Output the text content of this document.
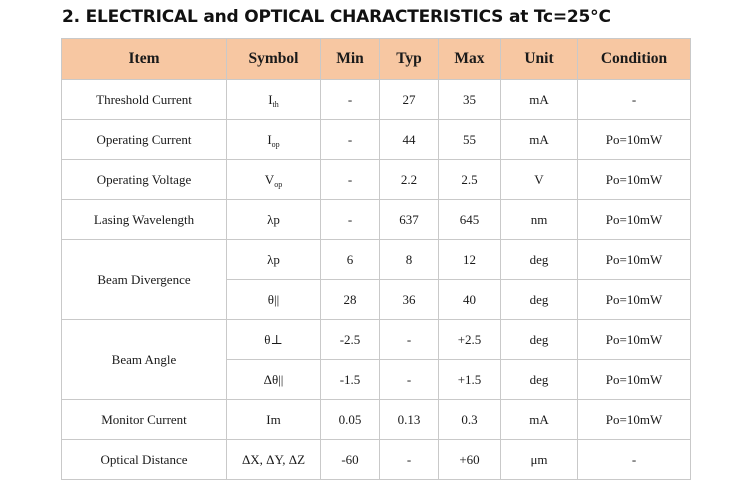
2. ELECTRICAL and OPTICAL CHARACTERISTICS at Tc=25°C
Item	Symbol	Min	Typ	Max	Unit	Condition
Threshold Current	$I_{th}$	-	27	35	mA	-
Operating Current	$I_{op}$	-	44	55	mA	Po=10mW
Operating Voltage	$V_{op}$	-	2.2	2.5	V	Po=10mW
Lasing Wavelength	λp	-	637	645	nm	Po=10mW
Beam Divergence	λp	6	8	12	deg	Po=10mW
	θ||	28	36	40	deg	Po=10mW
Beam Angle	θ⊥	-2.5	-	+2.5	deg	Po=10mW
	Δθ||	-1.5	-	+1.5	deg	Po=10mW
Monitor Current	Im	0.05	0.13	0.3	mA	Po=10mW
Optical Distance	ΔX, ΔY, ΔZ	-60	-	+60	μm	-
